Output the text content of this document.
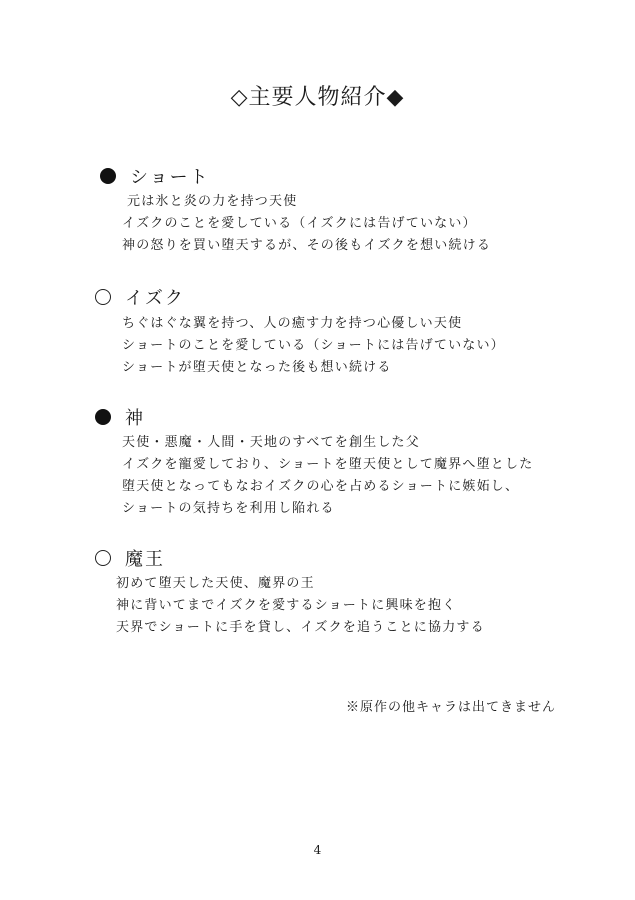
◇主要人物紹介◆
ショート
元は氷と炎の力を持つ天使
イズクのことを愛している（イズクには告げていない）
神の怒りを買い堕天するが、その後もイズクを想い続ける
イズク
ちぐはぐな翼を持つ、人の癒す力を持つ心優しい天使
ショートのことを愛している（ショートには告げていない）
ショートが堕天使となった後も想い続ける
神
天使・悪魔・人間・天地のすべてを創生した父
イズクを寵愛しており、ショートを堕天使として魔界へ堕とした
堕天使となってもなおイズクの心を占めるショートに嫉妬し、
ショートの気持ちを利用し陥れる
魔王
初めて堕天した天使、魔界の王
神に背いてまでイズクを愛するショートに興味を抱く
天界でショートに手を貸し、イズクを追うことに協力する
※原作の他キャラは出てきません
4
